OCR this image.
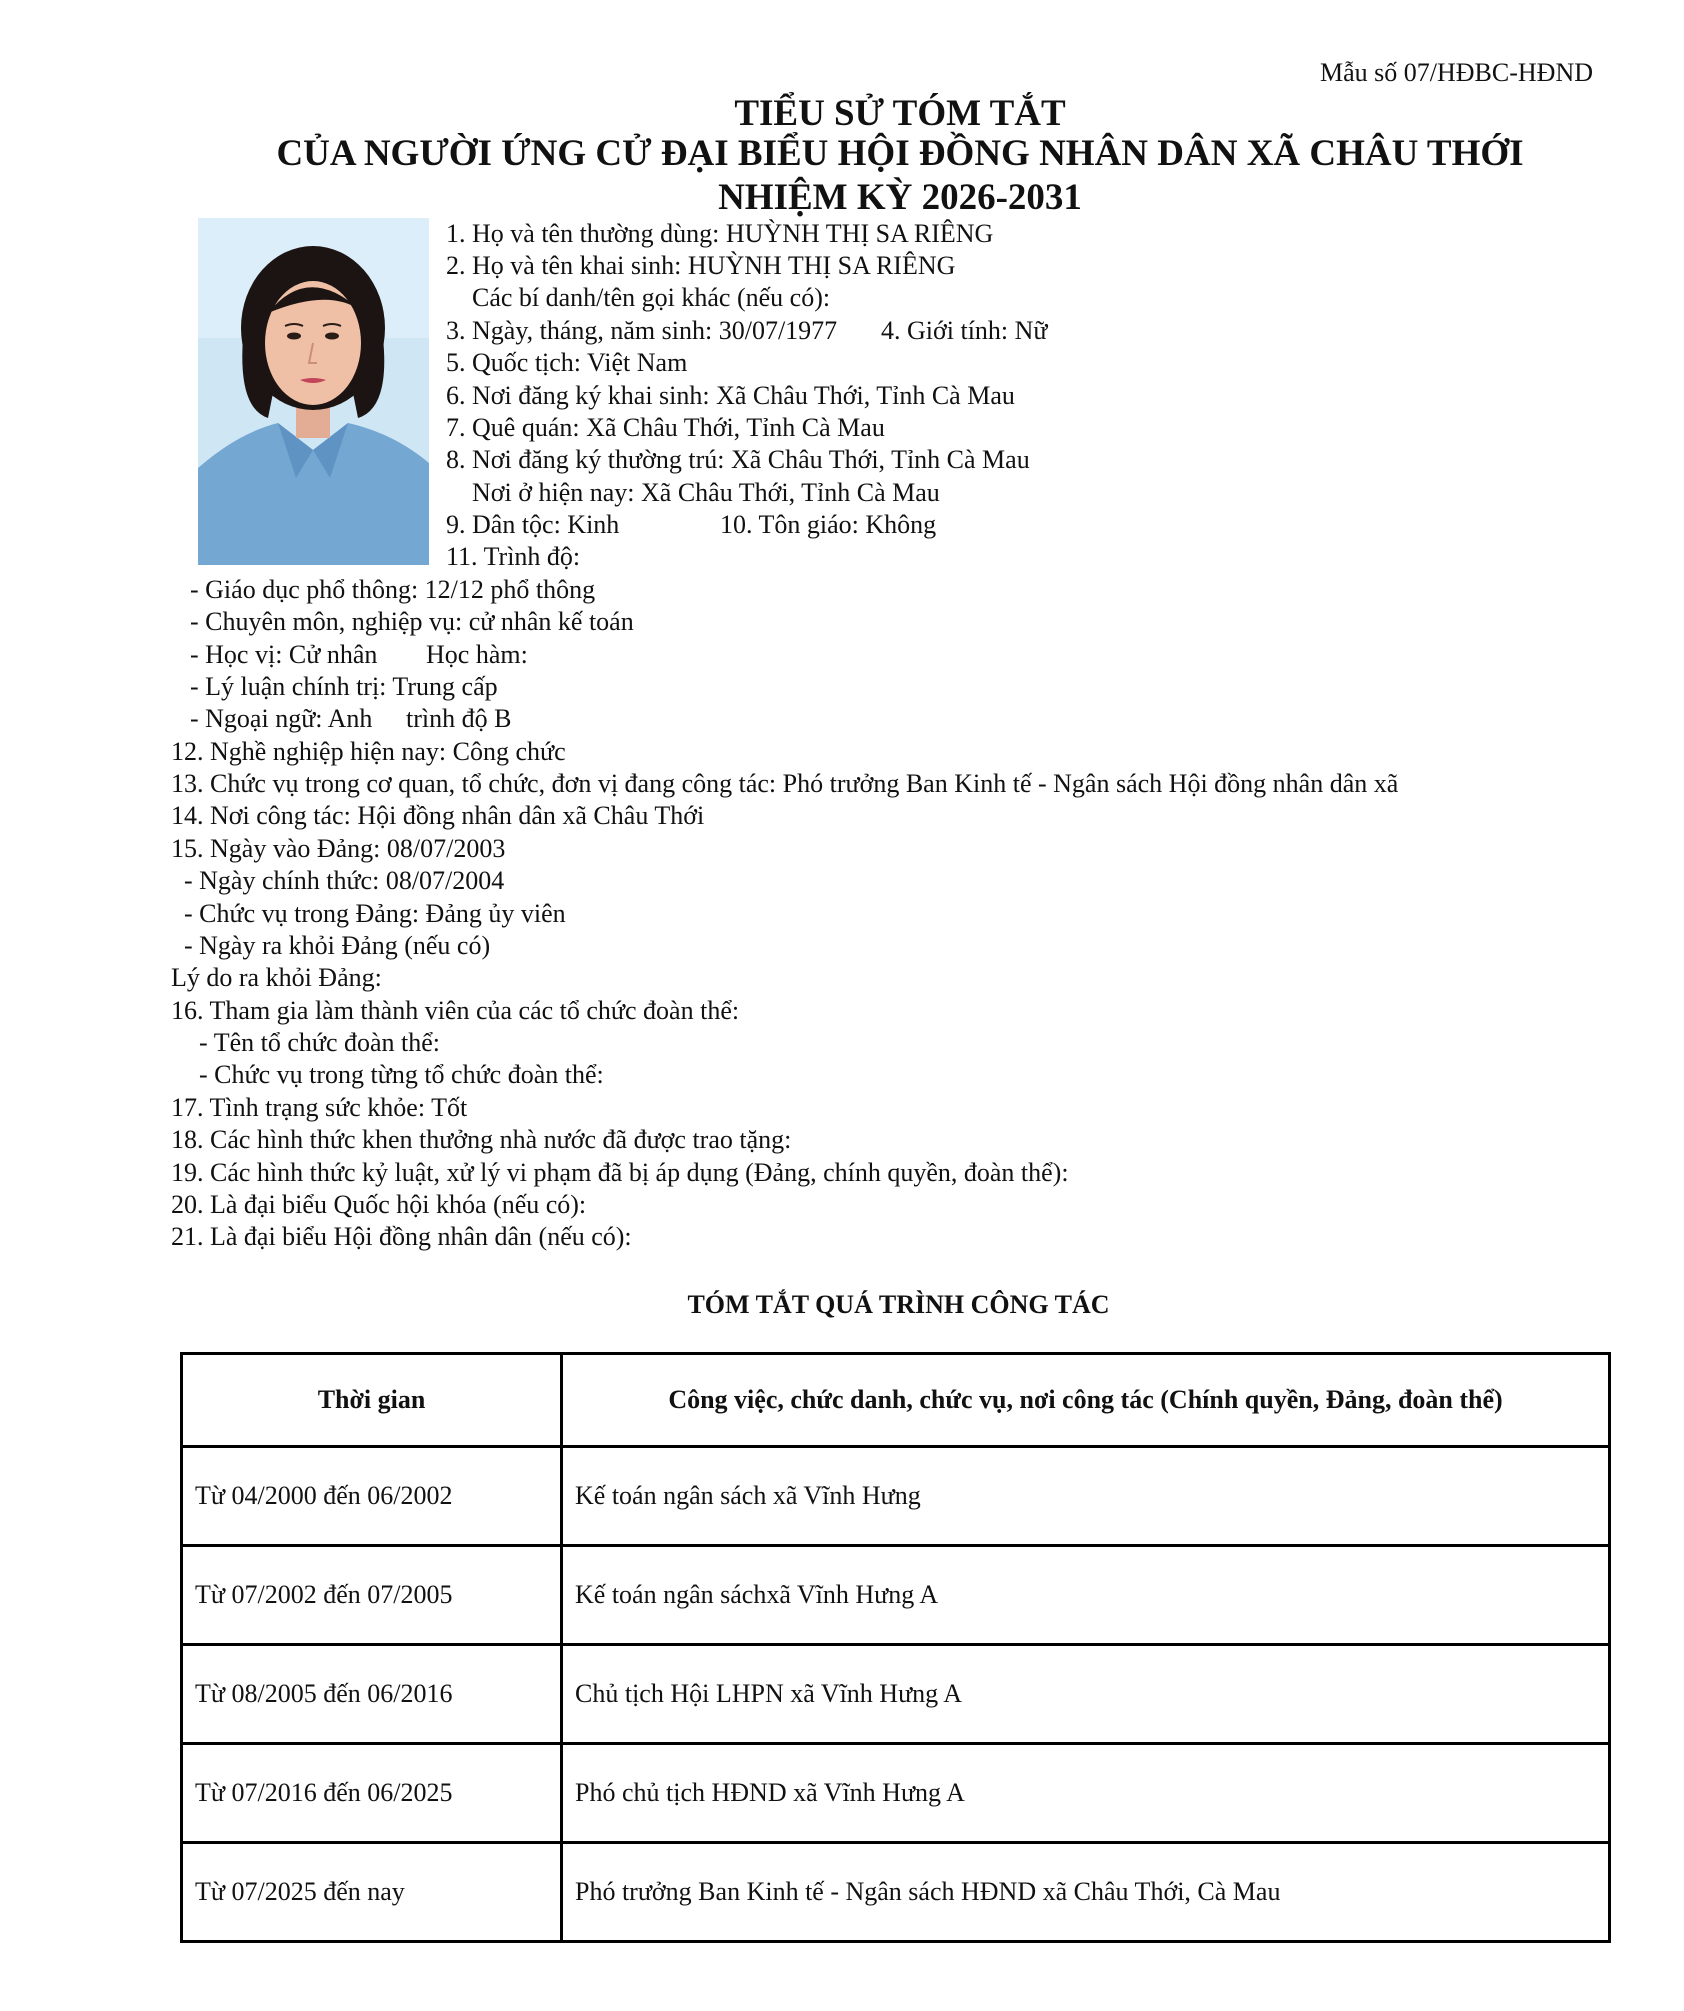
Mẫu số 07/HĐBC-HĐND
TIỂU SỬ TÓM TẮT
CỦA NGƯỜI ỨNG CỬ ĐẠI BIỂU HỘI ĐỒNG NHÂN DÂN XÃ CHÂU THỚI
NHIỆM KỲ 2026-2031
1. Họ và tên thường dùng: HUỲNH THỊ SA RIÊNG
2. Họ và tên khai sinh: HUỲNH THỊ SA RIÊNG
Các bí danh/tên gọi khác (nếu có):
3. Ngày, tháng, năm sinh: 30/07/1977 4. Giới tính: Nữ
5. Quốc tịch: Việt Nam
6. Nơi đăng ký khai sinh: Xã Châu Thới, Tỉnh Cà Mau
7. Quê quán: Xã Châu Thới, Tỉnh Cà Mau
8. Nơi đăng ký thường trú: Xã Châu Thới, Tỉnh Cà Mau
Nơi ở hiện nay: Xã Châu Thới, Tỉnh Cà Mau
9. Dân tộc: Kinh	10. Tôn giáo: Không
11. Trình độ:
- Giáo dục phổ thông: 12/12 phổ thông
- Chuyên môn, nghiệp vụ: cử nhân kế toán
- Học vị: Cử nhân Học hàm:
- Lý luận chính trị: Trung cấp
- Ngoại ngữ: Anh trình độ B
12. Nghề nghiệp hiện nay: Công chức
13. Chức vụ trong cơ quan, tổ chức, đơn vị đang công tác: Phó trưởng Ban Kinh tế - Ngân sách Hội đồng nhân dân xã
14. Nơi công tác: Hội đồng nhân dân xã Châu Thới
15. Ngày vào Đảng: 08/07/2003
- Ngày chính thức: 08/07/2004
- Chức vụ trong Đảng: Đảng ủy viên
- Ngày ra khỏi Đảng (nếu có)
Lý do ra khỏi Đảng:
16. Tham gia làm thành viên của các tổ chức đoàn thể:
- Tên tổ chức đoàn thể:
- Chức vụ trong từng tổ chức đoàn thể:
17. Tình trạng sức khỏe: Tốt
18. Các hình thức khen thưởng nhà nước đã được trao tặng:
19. Các hình thức kỷ luật, xử lý vi phạm đã bị áp dụng (Đảng, chính quyền, đoàn thể):
20. Là đại biểu Quốc hội khóa (nếu có):
21. Là đại biểu Hội đồng nhân dân (nếu có):
TÓM TẮT QUÁ TRÌNH CÔNG TÁC
Thời gian	Công việc, chức danh, chức vụ, nơi công tác (Chính quyền, Đảng, đoàn thể)
Từ 04/2000 đến 06/2002	Kế toán ngân sách xã Vĩnh Hưng
Từ 07/2002 đến 07/2005	Kế toán ngân sáchxã Vĩnh Hưng A
Từ 08/2005 đến 06/2016	Chủ tịch Hội LHPN xã Vĩnh Hưng A
Từ 07/2016 đến 06/2025	Phó chủ tịch HĐND xã Vĩnh Hưng A
Từ 07/2025 đến nay	Phó trưởng Ban Kinh tế - Ngân sách HĐND xã Châu Thới, Cà Mau
